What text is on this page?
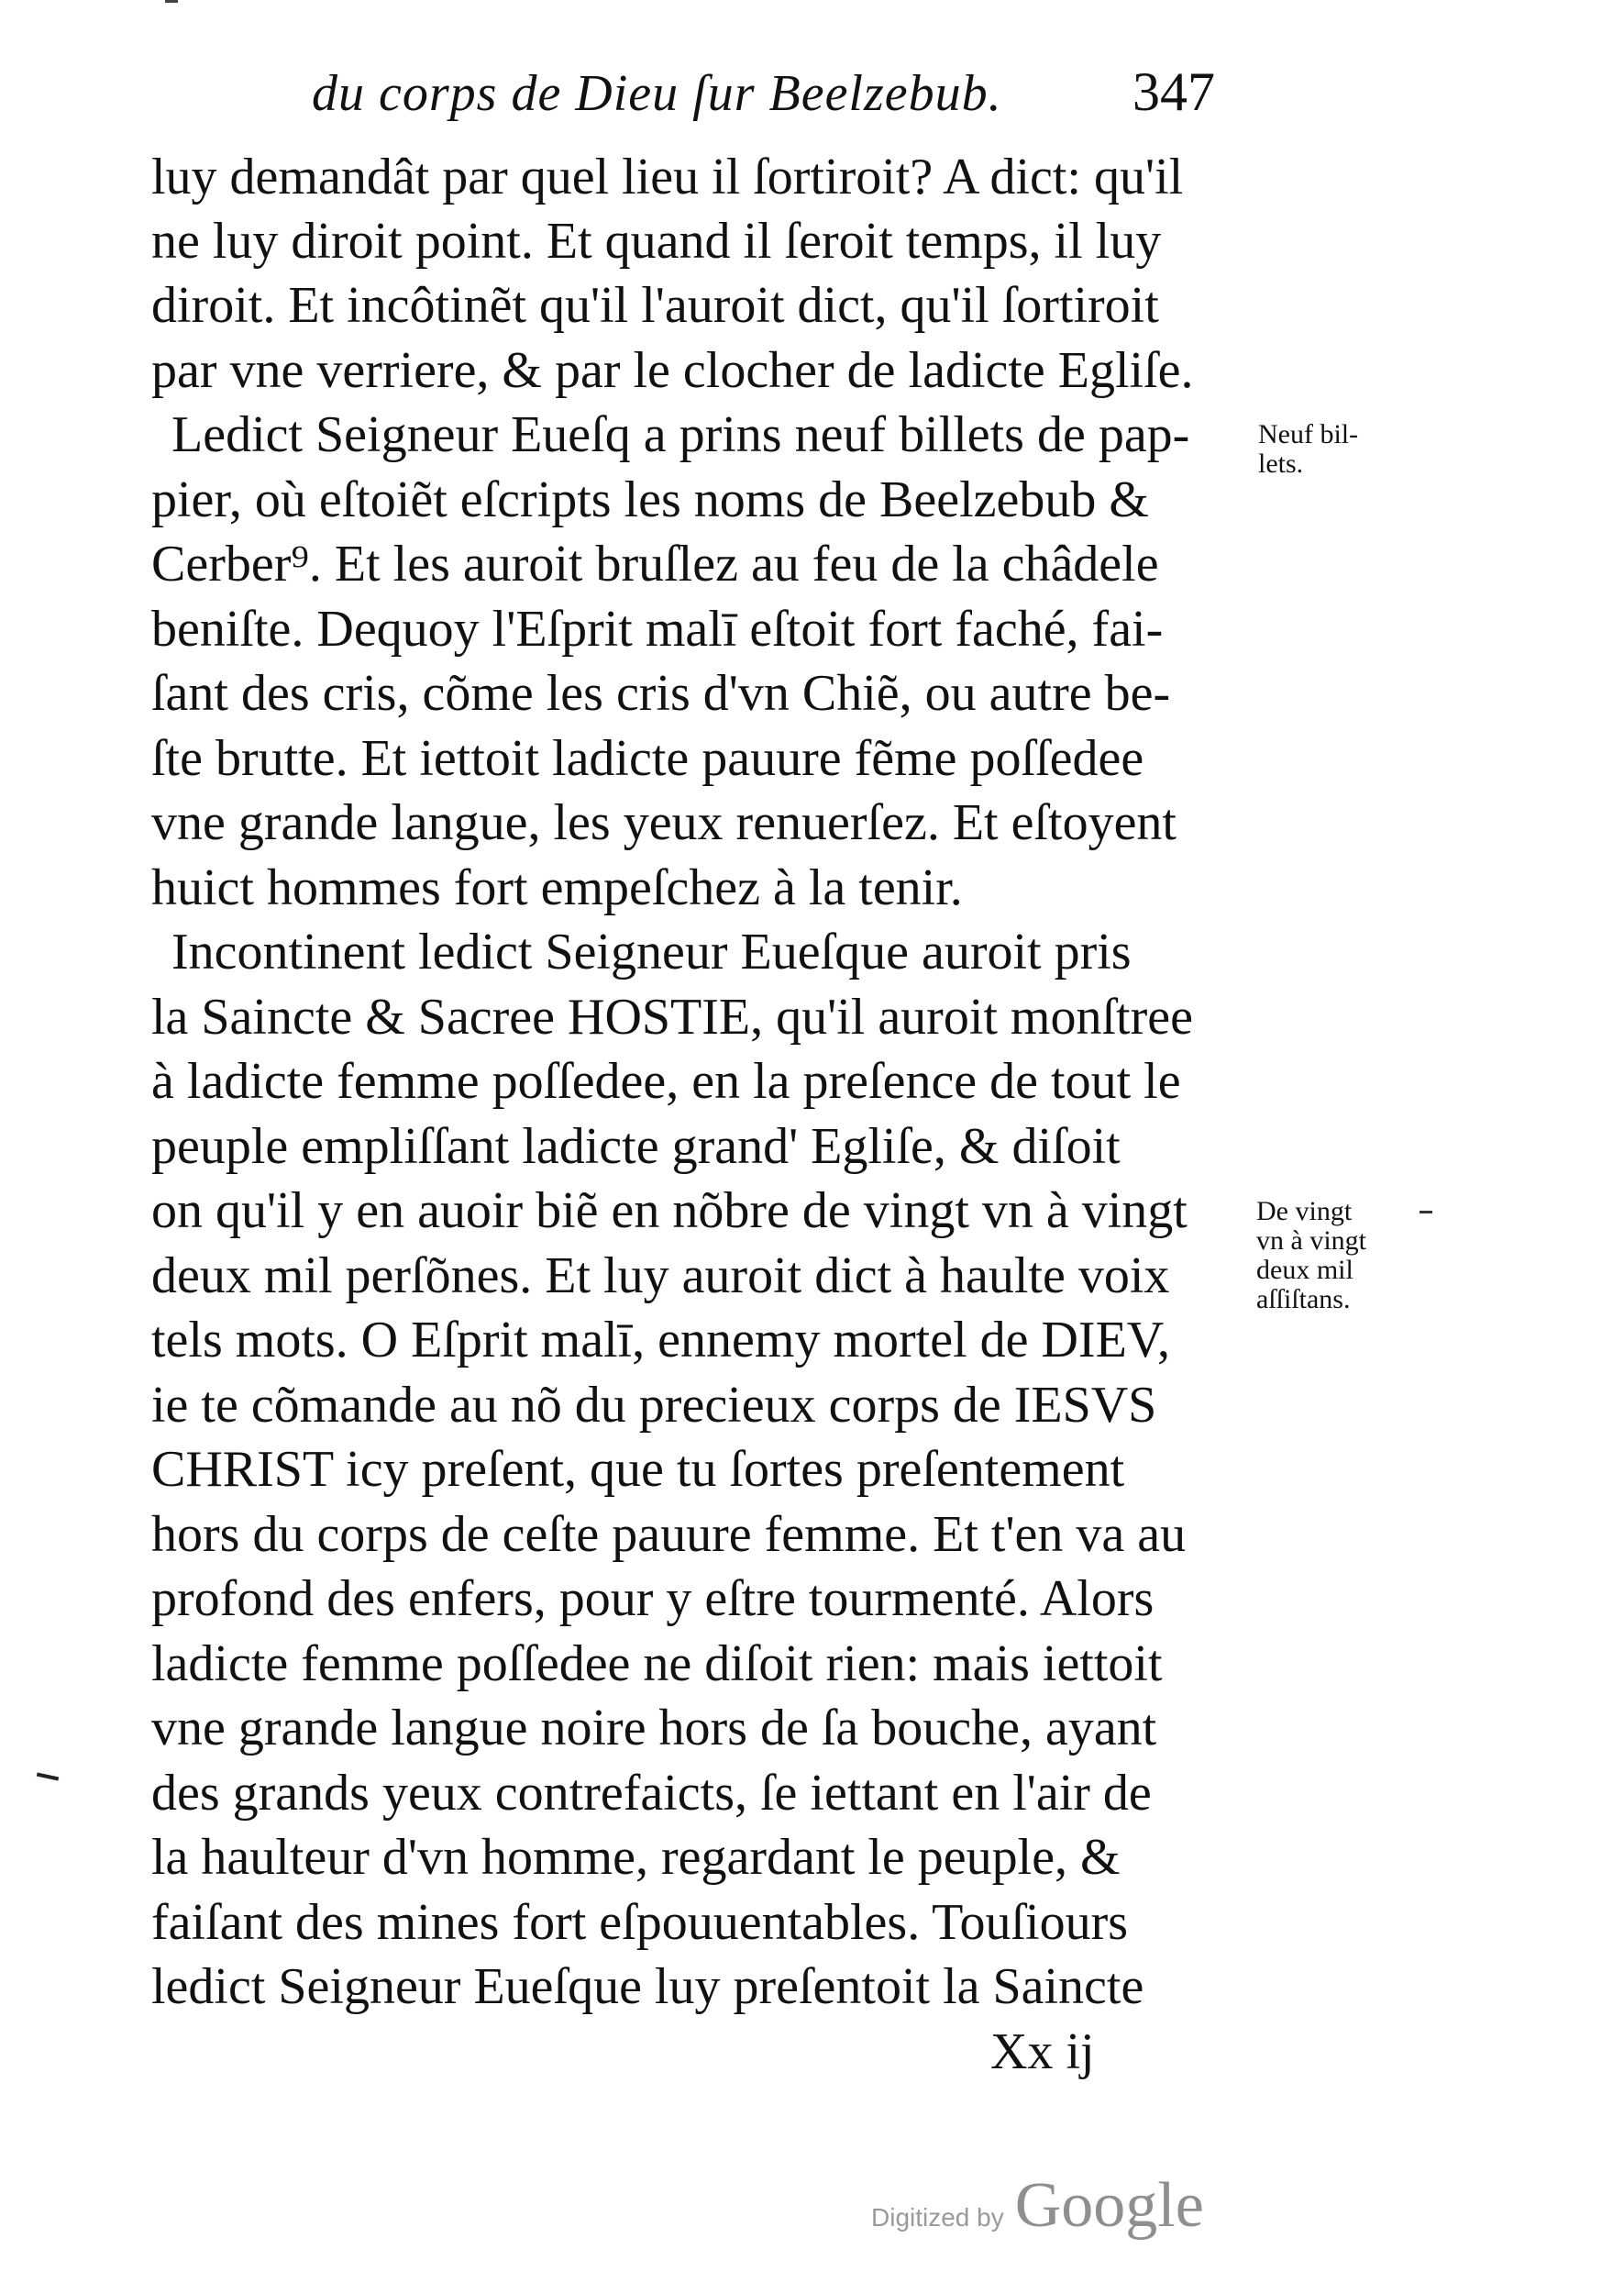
du corps de Dieu ſur Beelzebub. 347
luy demandât par quel lieu il ſortiroit? A dict: qu'il
ne luy diroit point. Et quand il ſeroit temps, il luy
diroit. Et incôtinẽt qu'il l'auroit dict, qu'il ſortiroit
par vne verriere, & par le clocher de ladicte Egliſe.
Ledict Seigneur Eueſq a prins neuf billets de pap-
pier, où eſtoiẽt eſcripts les noms de Beelzebub &
Cerber⁹. Et les auroit bruſlez au feu de la châdele
beniſte. Dequoy l'Eſprit malī eſtoit fort faché, fai-
ſant des cris, cõme les cris d'vn Chiẽ, ou autre be-
ſte brutte. Et iettoit ladicte pauure fẽme poſſedee
vne grande langue, les yeux renuerſez. Et eſtoyent
huict hommes fort empeſchez à la tenir.
Incontinent ledict Seigneur Eueſque auroit pris
la Saincte & Sacree HOSTIE, qu'il auroit monſtree
à ladicte femme poſſedee, en la preſence de tout le
peuple empliſſant ladicte grand' Egliſe, & diſoit
on qu'il y en auoir biẽ en nõbre de vingt vn à vingt
deux mil perſõnes. Et luy auroit dict à haulte voix
tels mots. O Eſprit malī, ennemy mortel de DIEV,
ie te cõmande au nõ du precieux corps de IESVS
CHRIST icy preſent, que tu ſortes preſentement
hors du corps de ceſte pauure femme. Et t'en va au
profond des enfers, pour y eſtre tourmenté. Alors
ladicte femme poſſedee ne diſoit rien: mais iettoit
vne grande langue noire hors de ſa bouche, ayant
des grands yeux contrefaicts, ſe iettant en l'air de
la haulteur d'vn homme, regardant le peuple, &
faiſant des mines fort eſpouuentables. Touſiours
ledict Seigneur Eueſque luy preſentoit la Saincte
Neuf bil-
lets.
De vingt
vn à vingt
deux mil
aſſiſtans.
Xx ij
Digitized by Google
